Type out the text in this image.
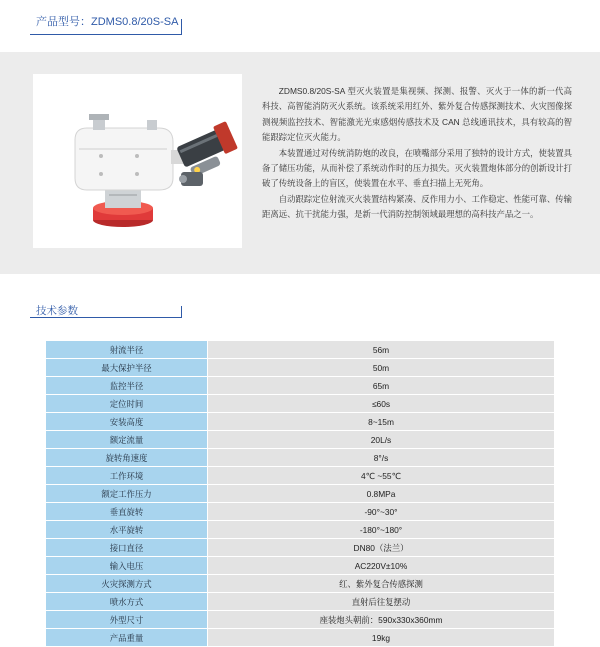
产品型号：ZDMS0.8/20S-SA

ZDMS0.8/20S-SA 型灭火装置是集视频、探测、报警、灭火于一体的新一代高科技、高智能消防灭火系统。该系统采用红外、紫外复合传感探测技术、火灾图像探测视频监控技术、智能激光光束感烟传感技术及 CAN 总线通讯技术，具有较高的智能跟踪定位灭火能力。

本装置通过对传统消防炮的改良，在喷嘴部分采用了独特的设计方式，使装置具备了储压功能，从而补偿了系统动作时的压力损失。灭火装置炮体部分的创新设计打破了传统设备上的盲区，使装置在水平、垂直扫描上无死角。

自动跟踪定位射流灭火装置结构紧凑、反作用力小、工作稳定、性能可靠、传输距离远、抗干扰能力强，是新一代消防控制领域最理想的高科技产品之一。

技术参数
射流半径	56m
最大保护半径	50m
监控半径	65m
定位时间	≤60s
安装高度	8~15m
额定流量	20L/s
旋转角速度	8°/s
工作环境	4℃ ~55℃
额定工作压力	0.8MPa
垂直旋转	-90°~30°
水平旋转	-180°~180°
接口直径	DN80（法兰）
输入电压	AC220V±10%
火灾探测方式	红、紫外复合传感探测
喷水方式	直射后往复摆动
外型尺寸	座装炮头朝前：590x330x360mm
产品重量	19kg
